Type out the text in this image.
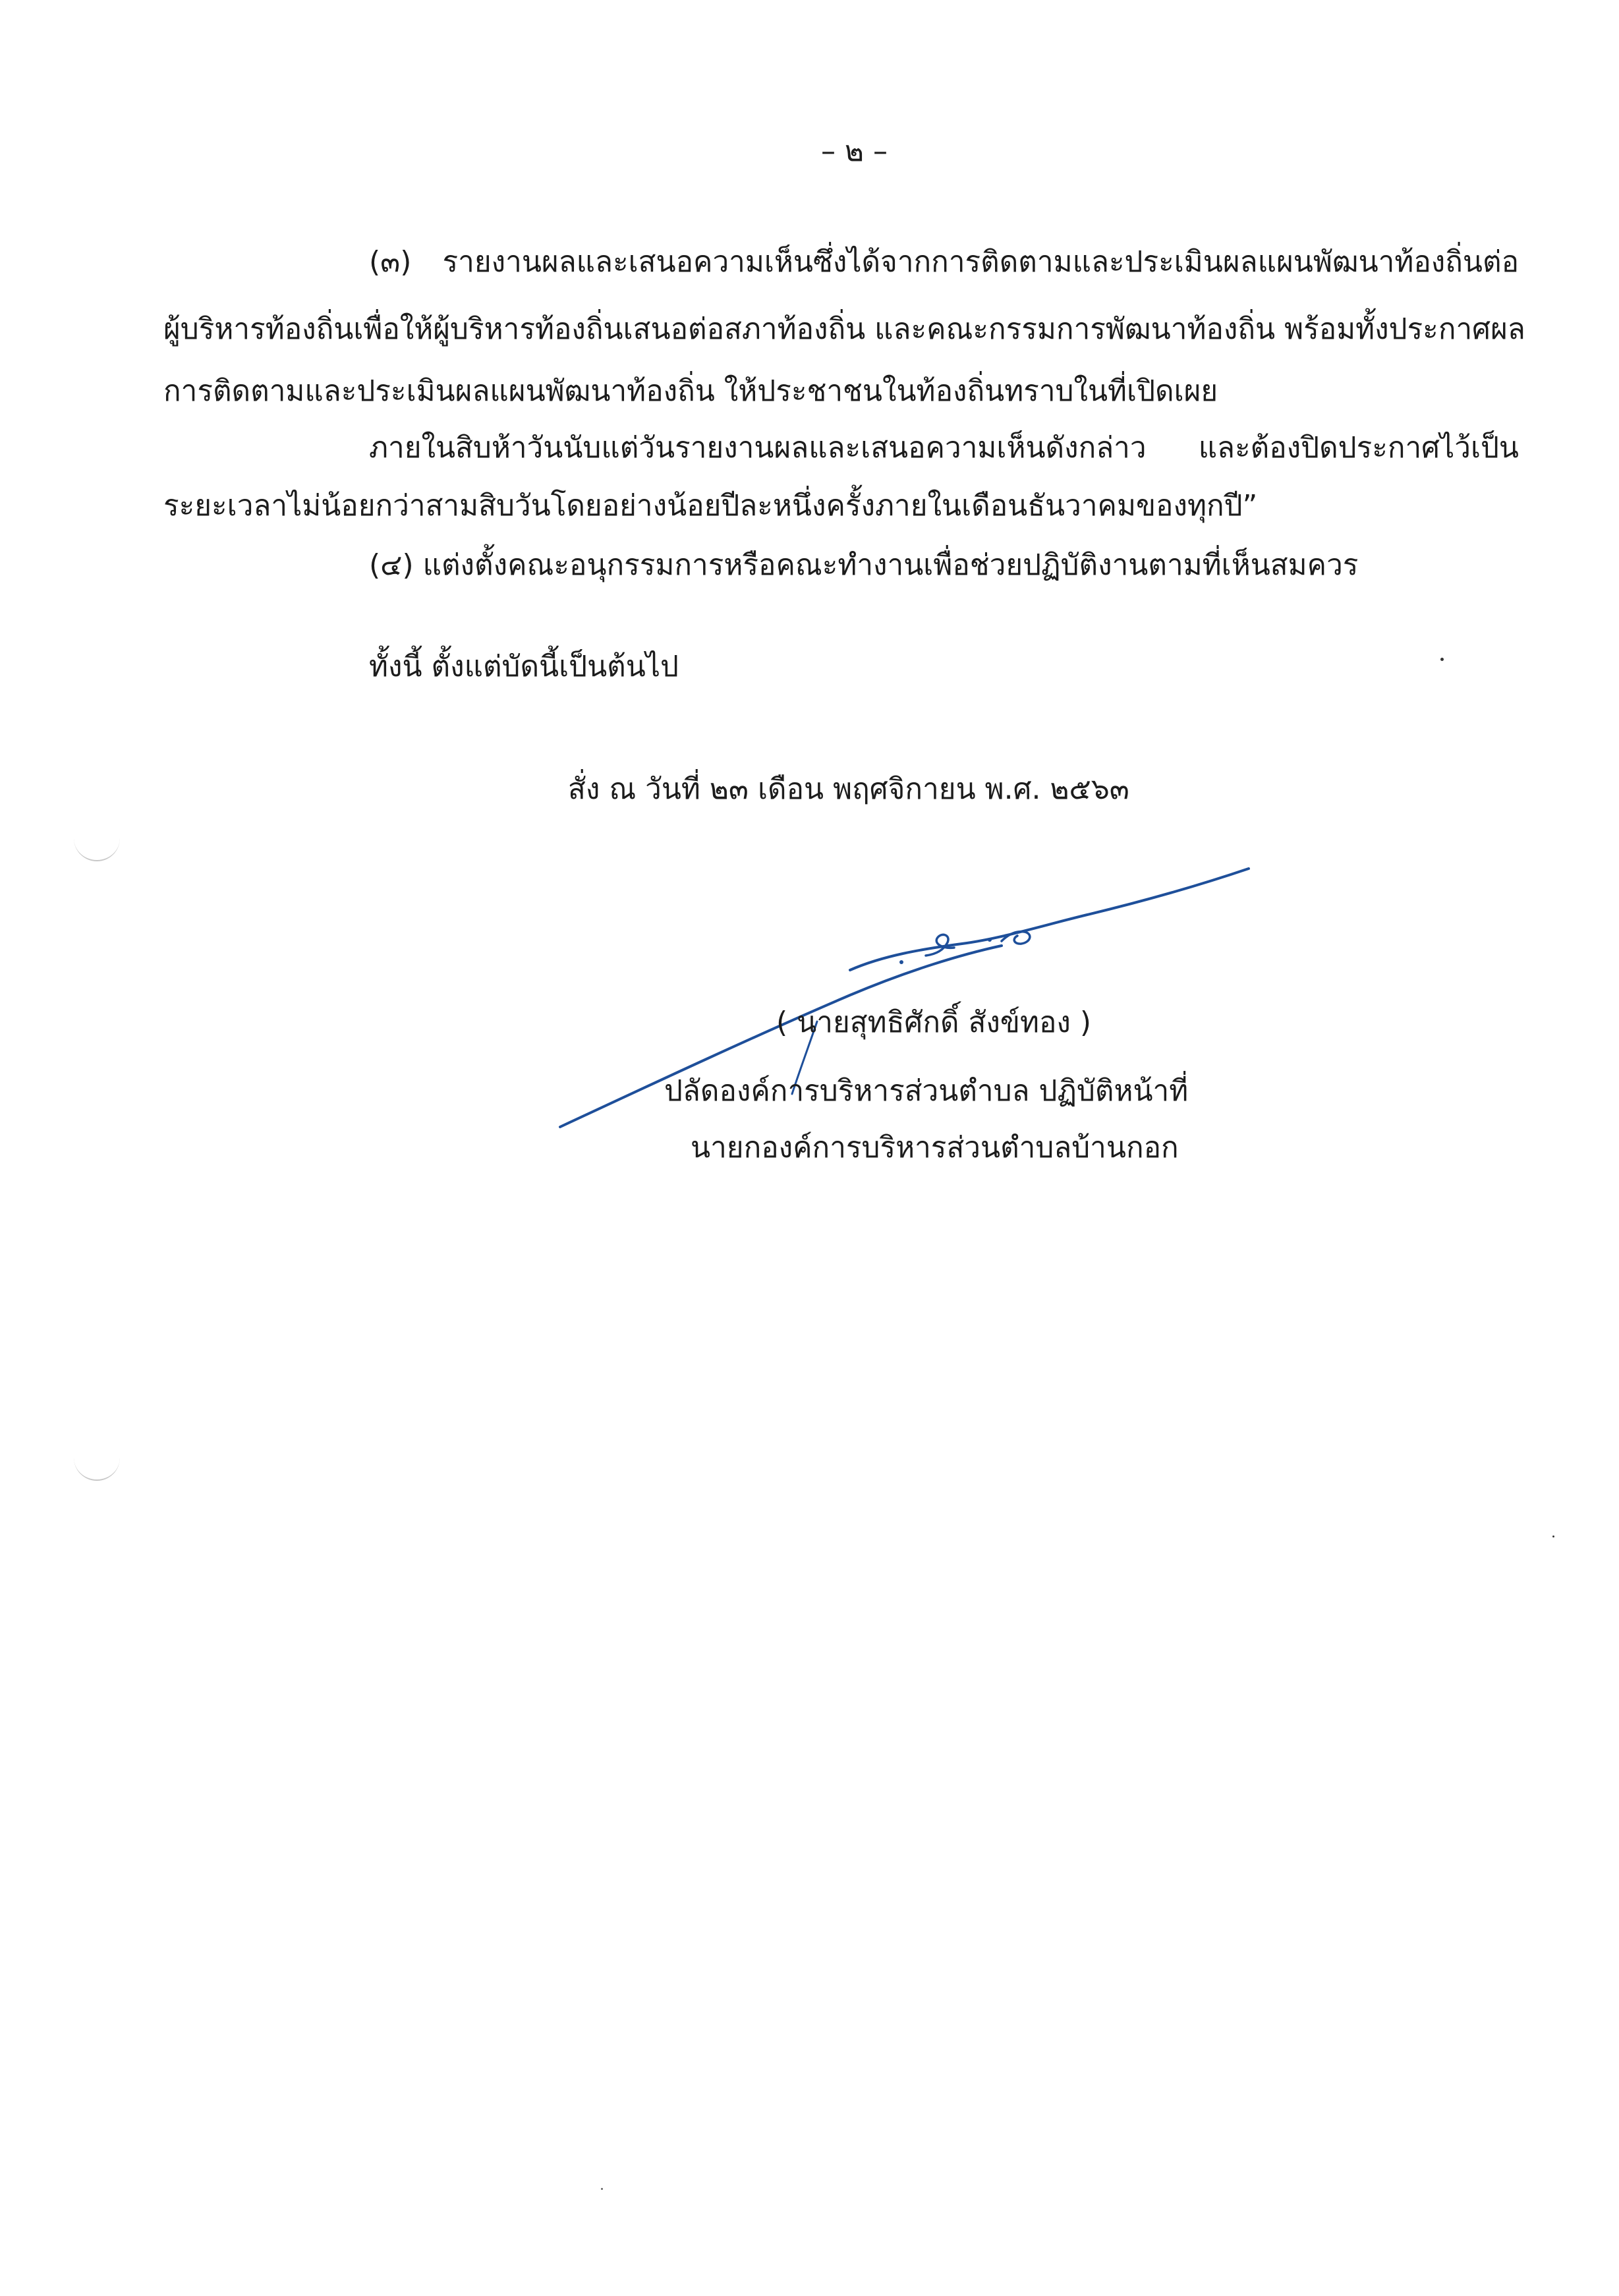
– ๒ –
(๓) รายงานผลและเสนอความเห็นซึ่งได้จากการติดตามและประเมินผลแผนพัฒนาท้องถิ่นต่อ
ผู้บริหารท้องถิ่นเพื่อให้ผู้บริหารท้องถิ่นเสนอต่อสภาท้องถิ่น และคณะกรรมการพัฒนาท้องถิ่น พร้อมทั้งประกาศผล
การติดตามและประเมินผลแผนพัฒนาท้องถิ่น ให้ประชาชนในท้องถิ่นทราบในที่เปิดเผย
ภายในสิบห้าวันนับแต่วันรายงานผลและเสนอความเห็นดังกล่าว และต้องปิดประกาศไว้เป็น
ระยะเวลาไม่น้อยกว่าสามสิบวันโดยอย่างน้อยปีละหนึ่งครั้งภายในเดือนธันวาคมของทุกปี”
(๔) แต่งตั้งคณะอนุกรรมการหรือคณะทำงานเพื่อช่วยปฏิบัติงานตามที่เห็นสมควร
ทั้งนี้ ตั้งแต่บัดนี้เป็นต้นไป
สั่ง ณ วันที่ ๒๓ เดือน พฤศจิกายน พ.ศ. ๒๕๖๓
( นายสุทธิศักดิ์ สังข์ทอง )
ปลัดองค์การบริหารส่วนตำบล ปฏิบัติหน้าที่
นายกองค์การบริหารส่วนตำบลบ้านกอก
